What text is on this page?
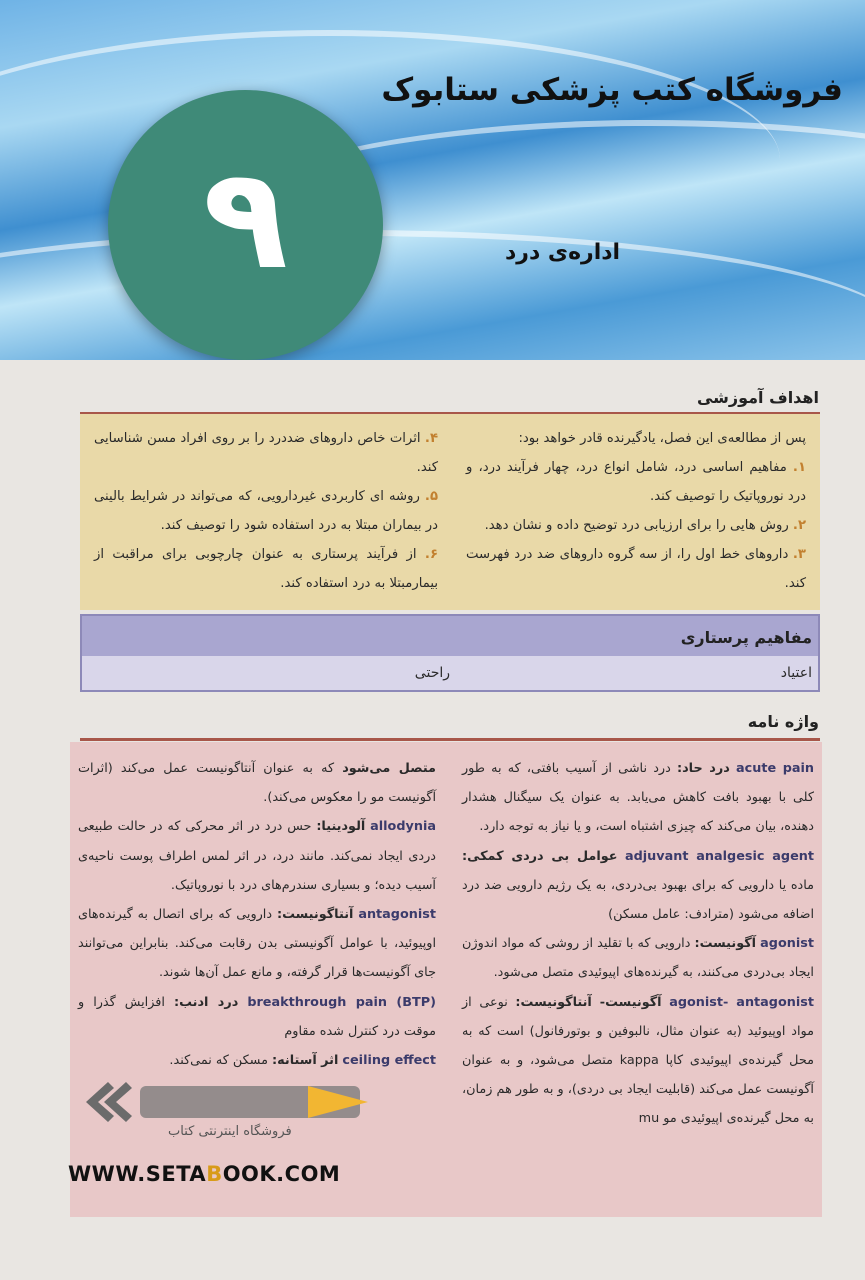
فروشگاه کتب پزشکی ستابوک
۹	اداره‌ی درد
اهداف آموزشی
پس از مطالعه‌ی این فصل، یادگیرنده قادر خواهد بود:
۱. مفاهیم اساسی درد، شامل انواع درد، چهار فرآیند درد، و درد نوروپاتیک را توصیف کند.
۲. روش هایی را برای ارزیابی درد توضیح داده و نشان دهد.
۳. داروهای خط اول را، از سه گروه داروهای ضد درد فهرست کند.
۴. اثرات خاص داروهای ضددرد را بر روی افراد مسن شناسایی کند.
۵. روشه ای کاربردی غیردارویی، که می‌تواند در شرایط بالینی در بیماران مبتلا به درد استفاده شود را توصیف کند.
۶. از فرآیند پرستاری به عنوان چارچوبی برای مراقبت از بیمارمبتلا به درد استفاده کند.
مفاهیم پرستاری
اعتیاد
راحتی
واژه نامه

acute pain درد حاد: درد ناشی از آسیب بافتی، که به طور کلی با بهبود بافت کاهش می‌یابد. به عنوان یک سیگنال هشدار دهنده، بیان می‌کند که چیزی اشتباه است، و یا نیاز به توجه دارد.

adjuvant analgesic agent عوامل بی دردی کمکی: ماده یا دارویی که برای بهبود بی‌دردی، به یک رژیم دارویی ضد درد اضافه می‌شود (مترادف: عامل مسکن)

agonist آگونیست: دارویی که با تقلید از روشی که مواد اندوژن ایجاد بی‌دردی می‌کنند، به گیرنده‌های اپیوئیدی متصل می‌شود.

agonist- antagonist آگونیست- آنتاگونیست: نوعی از مواد اوپیوئید (به عنوان مثال، نالبوفین و بوتورفانول) است که به محل گیرنده‌ی اپیوئیدی کاپا kappa متصل می‌شود، و به عنوان آگونیست عمل می‌کند (قابلیت ایجاد بی دردی)، و به طور هم زمان، به محل گیرنده‌ی اپیوئیدی مو mu

متصل می‌شود که به عنوان آنتاگونیست عمل می‌کند (اثرات آگونیست مو را معکوس می‌کند).

allodynia آلودینیا: حس درد در اثر محرکی که در حالت طبیعی دردی ایجاد نمی‌کند. مانند درد، در اثر لمس اطراف پوست ناحیه‌ی آسیب دیده؛ و بسیاری سندرم‌های درد با نوروپاتیک.

antagonist آنتاگونیست: دارویی که برای اتصال به گیرنده‌های اوپیوئید، با عوامل آگونیستی بدن رقابت می‌کند. بنابراین می‌توانند جای آگونیست‌ها قرار گرفته، و مانع عمل آن‌ها شوند.

breakthrough pain (BTP) درد ادنب: افزایش گذرا و موقت درد کنترل شده مقاوم

ceiling effect اثر آستانه: مسکن که نمی‌کند.

فروشگاه اینترنتی کتاب
WWW.SETABOOK.COM
